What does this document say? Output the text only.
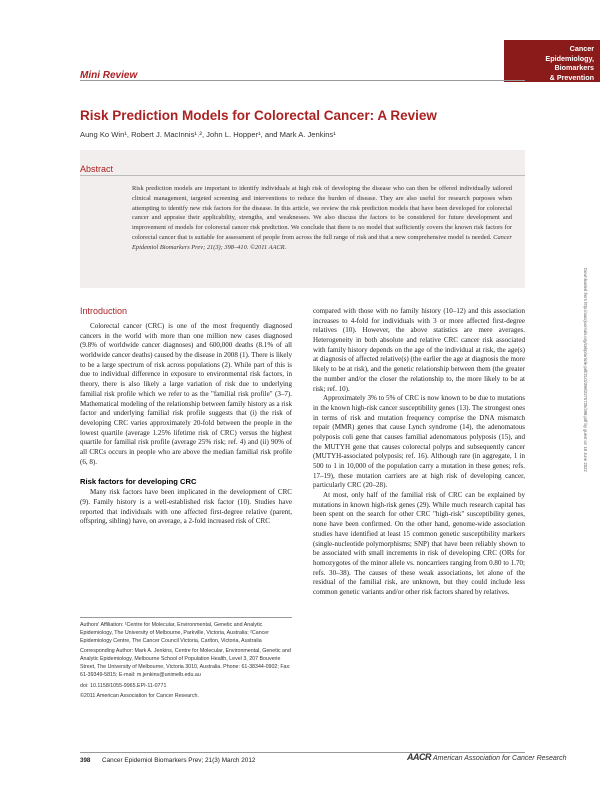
Cancer
Epidemiology,
Biomarkers
& Prevention
Mini Review
Risk Prediction Models for Colorectal Cancer: A Review
Aung Ko Win¹, Robert J. MacInnis¹˒², John L. Hopper¹, and Mark A. Jenkins¹
Abstract
Risk prediction models are important to identify individuals at high risk of developing the disease who can then be offered individually tailored clinical management, targeted screening and interventions to reduce the burden of disease. They are also useful for research purposes when attempting to identify new risk factors for the disease. In this article, we review the risk prediction models that have been developed for colorectal cancer and appraise their applicability, strengths, and weaknesses. We also discuss the factors to be considered for future development and improvement of models for colorectal cancer risk prediction. We conclude that there is no model that sufficiently covers the known risk factors for colorectal cancer that is suitable for assessment of people from across the full range of risk and that a new comprehensive model is needed. Cancer Epidemiol Biomarkers Prev; 21(3); 398–410. ©2011 AACR.
Downloaded from http://aacrjournals.org/cebp/article-pdf/21/3/398/2276735/398.pdf by guest on 18 June 2022
Introduction

Colorectal cancer (CRC) is one of the most frequently diagnosed cancers in the world with more than one million new cases diagnosed (9.8% of worldwide cancer diagnoses) and 600,000 deaths (8.1% of all worldwide cancer deaths) caused by the disease in 2008 (1). There is likely to be a large spectrum of risk across populations (2). While part of this is due to individual difference in exposure to environmental risk factors, in theory, there is also likely a large variation of risk due to underlying familial risk profile which we refer to as the "familial risk profile" (3–7). Mathematical modeling of the relationship between family history as a risk factor and underlying familial risk profile suggests that (i) the risk of developing CRC varies approximately 20-fold between the people in the lowest quartile (average 1.25% lifetime risk of CRC) versus the highest quartile for familial risk profile (average 25% risk; ref. 4) and (ii) 90% of all CRCs occurs in people who are above the median familial risk profile (6, 8).

Risk factors for developing CRC

Many risk factors have been implicated in the development of CRC (9). Family history is a well-established risk factor (10). Studies have reported that individuals with one affected first-degree relative (parent, offspring, sibling) have, on average, a 2-fold increased risk of CRC

compared with those with no family history (10–12) and this association increases to 4-fold for individuals with 3 or more affected first-degree relatives (10). However, the above statistics are mere averages. Heterogeneity in both absolute and relative CRC cancer risk associated with family history depends on the age of the individual at risk, the age(s) at diagnosis of affected relative(s) (the earlier the age at diagnosis the more likely to be at risk), and the genetic relationship between them (the greater the number and/or the closer the relationship to, the more likely to be at risk; ref. 10).

Approximately 3% to 5% of CRC is now known to be due to mutations in the known high-risk cancer susceptibility genes (13). The strongest ones in terms of risk and mutation frequency comprise the DNA mismatch repair (MMR) genes that cause Lynch syndrome (14), the adenomatous polyposis coli gene that causes familial adenomatous polyposis (15), and the MUTYH gene that causes colorectal polyps and subsequently cancer (MUTYH-associated polyposis; ref. 16). Although rare (in aggregate, 1 in 500 to 1 in 10,000 of the population carry a mutation in these genes; refs. 17–19), these mutation carriers are at high risk of developing cancer, particularly CRC (20–28).

At most, only half of the familial risk of CRC can be explained by mutations in known high-risk genes (29). While much research capital has been spent on the search for other CRC "high-risk" susceptibility genes, none have been confirmed. On the other hand, genome-wide association studies have identified at least 15 common genetic susceptibility markers (single-nucleotide polymorphisms; SNP) that have been reliably shown to be associated with small increments in risk of developing CRC (ORs for homozygotes of the minor allele vs. noncarriers ranging from 0.80 to 1.70; refs. 30–38). The causes of these weak associations, let alone of the residual of the familial risk, are unknown, but they could include less common genetic variants and/or other risk factors shared by relatives.

Authors' Affiliation: ¹Centre for Molecular, Environmental, Genetic and Analytic Epidemiology, The University of Melbourne, Parkville, Victoria, Australia; ²Cancer Epidemiology Centre, The Cancer Council Victoria, Carlton, Victoria, Australia

Corresponding Author: Mark A. Jenkins, Centre for Molecular, Environmental, Genetic and Analytic Epidemiology, Melbourne School of Population Health, Level 3, 207 Bouverie Street, The University of Melbourne, Victoria 3010, Australia. Phone: 61-38344-0902; Fax: 61-39349-5815; E-mail: m.jenkins@unimelb.edu.au

doi: 10.1158/1055-9965.EPI-11-0771

©2011 American Association for Cancer Research.

398 Cancer Epidemiol Biomarkers Prev; 21(3) March 2012	AACR American Association for Cancer Research
